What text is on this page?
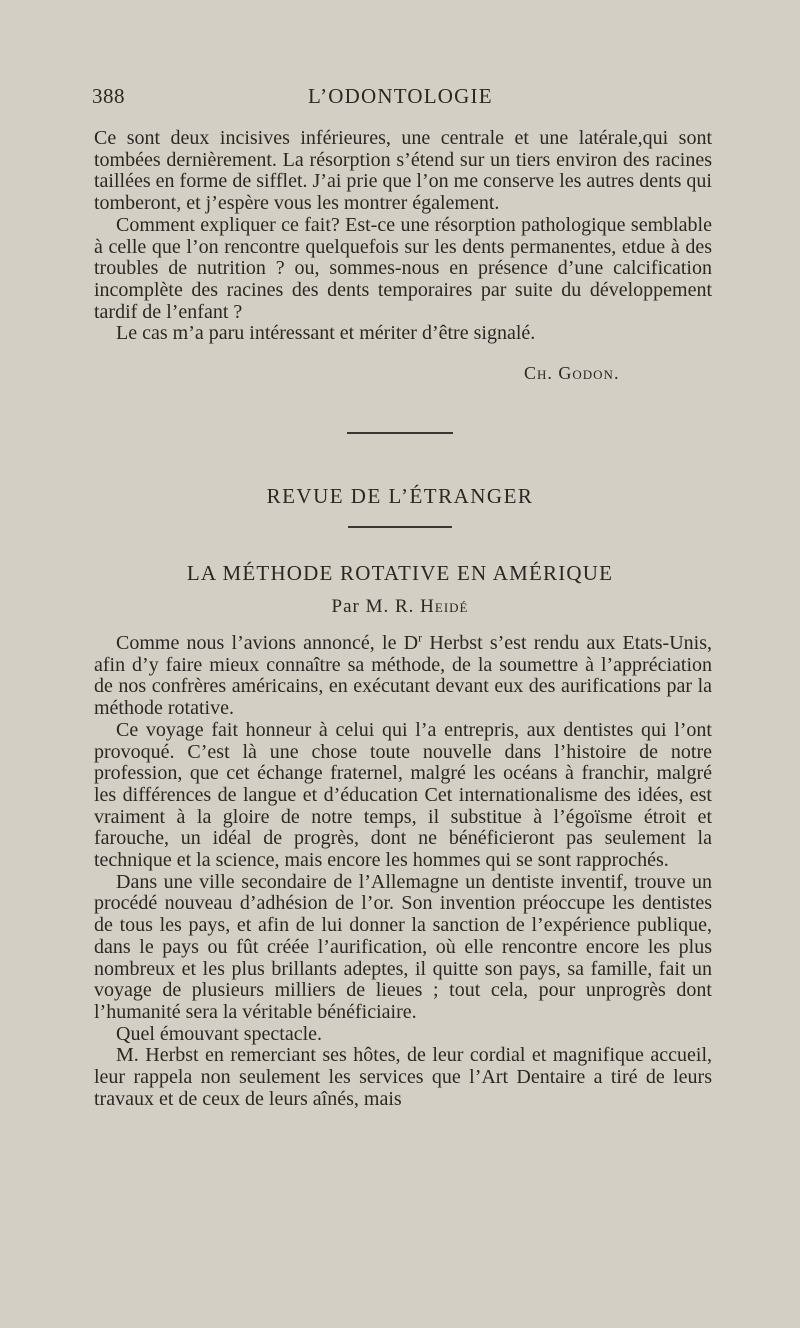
388	L’ODONTOLOGIE

Ce sont deux incisives inférieures, une centrale et une latérale,qui sont tombées dernièrement. La résorption s’étend sur un tiers environ des racines taillées en forme de sifflet. J’ai prie que l’on me conserve les autres dents qui tomberont, et j’espère vous les montrer également.

Comment expliquer ce fait? Est-ce une résorption pathologique semblable à celle que l’on rencontre quelquefois sur les dents permanentes, etdue à des troubles de nutrition ? ou, sommes-nous en présence d’une calcification incomplète des racines des dents temporaires par suite du développement tardif de l’enfant ?

Le cas m’a paru intéressant et mériter d’être signalé.

Ch. Godon.
REVUE DE L’ÉTRANGER
LA MÉTHODE ROTATIVE EN AMÉRIQUE
Par M. R. Heidé

Comme nous l’avions annoncé, le $D^r$ Herbst s’est rendu aux Etats-Unis, afin d’y faire mieux connaître sa méthode, de la soumettre à l’appréciation de nos confrères américains, en exécutant devant eux des aurifications par la méthode rotative.

Ce voyage fait honneur à celui qui l’a entrepris, aux dentistes qui l’ont provoqué. C’est là une chose toute nouvelle dans l’histoire de notre profession, que cet échange fraternel, malgré les océans à franchir, malgré les différences de langue et d’éducation Cet internationalisme des idées, est vraiment à la gloire de notre temps, il substitue à l’égoïsme étroit et farouche, un idéal de progrès, dont ne bénéficieront pas seulement la technique et la science, mais encore les hommes qui se sont rapprochés.

Dans une ville secondaire de l’Allemagne un dentiste inventif, trouve un procédé nouveau d’adhésion de l’or. Son invention préoccupe les dentistes de tous les pays, et afin de lui donner la sanction de l’expérience publique, dans le pays ou fût créée l’aurification, où elle rencontre encore les plus nombreux et les plus brillants adeptes, il quitte son pays, sa famille, fait un voyage de plusieurs milliers de lieues ; tout cela, pour unprogrès dont l’humanité sera la véritable bénéficiaire.

Quel émouvant spectacle.

M. Herbst en remerciant ses hôtes, de leur cordial et magnifique accueil, leur rappela non seulement les services que l’Art Dentaire a tiré de leurs travaux et de ceux de leurs aînés, mais
